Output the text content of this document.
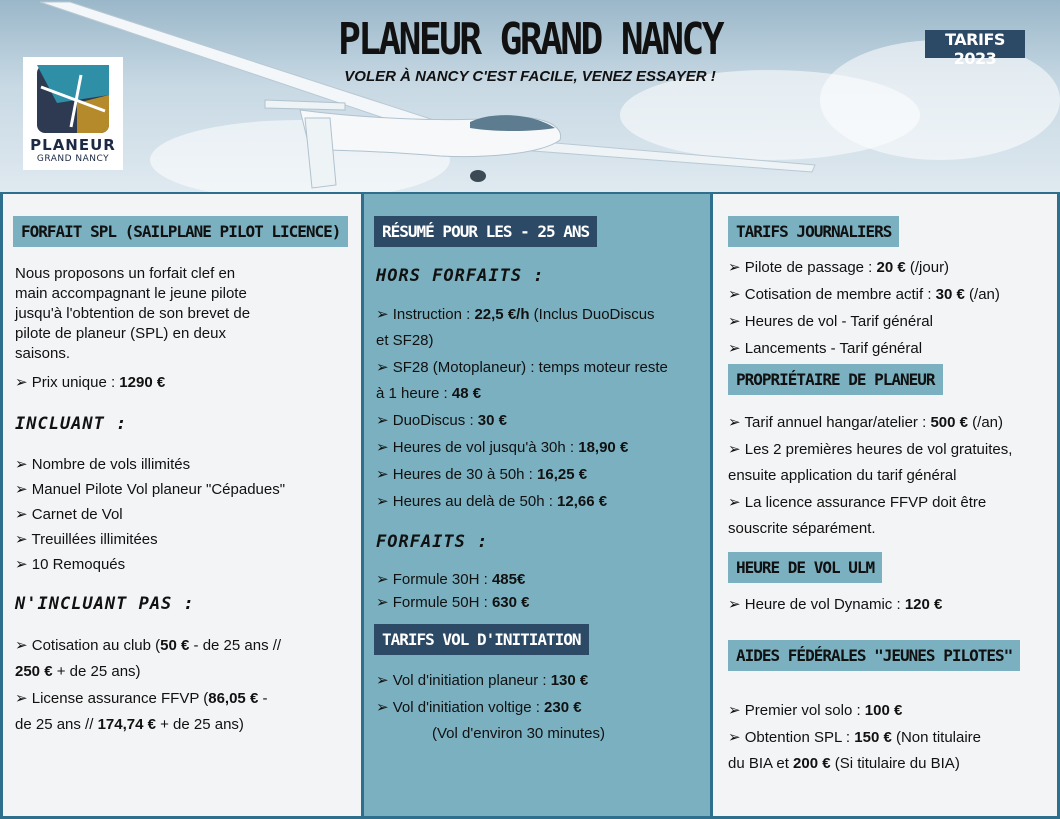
PLANEUR
GRAND NANCY
PLANEUR GRAND NANCY
VOLER À NANCY C'EST FACILE, VENEZ ESSAYER !
TARIFS 2023
FORFAIT SPL (SAILPLANE PILOT LICENCE)
Nous proposons un forfait clef en
main accompagnant le jeune pilote
jusqu'à l'obtention de son brevet de
pilote de planeur (SPL) en deux
saisons.
➢ Prix unique : 1290 €
INCLUANT :
➢ Nombre de vols illimités
➢ Manuel Pilote Vol planeur "Cépadues"
➢ Carnet de Vol
➢ Treuillées illimitées
➢ 10 Remoqués
N'INCLUANT PAS :
➢ Cotisation au club (50 € - de 25 ans //
250 € + de 25 ans)
➢ License assurance FFVP (86,05 € -
de 25 ans // 174,74 € + de 25 ans)
RÉSUMÉ POUR LES - 25 ANS
HORS FORFAITS :
➢ Instruction : 22,5 €/h (Inclus DuoDiscus
et SF28)
➢ SF28 (Motoplaneur) : temps moteur reste
à 1 heure : 48 €
➢ DuoDiscus : 30 €
➢ Heures de vol jusqu'à 30h : 18,90 €
➢ Heures de 30 à 50h : 16,25 €
➢ Heures au delà de 50h : 12,66 €
FORFAITS :
➢ Formule 30H : 485€
➢ Formule 50H : 630 €
TARIFS VOL D'INITIATION
➢ Vol d'initiation planeur : 130 €
➢ Vol d'initiation voltige : 230 €
(Vol d'environ 30 minutes)
TARIFS JOURNALIERS
➢ Pilote de passage : 20 € (/jour)
➢ Cotisation de membre actif : 30 € (/an)
➢ Heures de vol - Tarif général
➢ Lancements - Tarif général
PROPRIÉTAIRE DE PLANEUR
➢ Tarif annuel hangar/atelier : 500 € (/an)
➢ Les 2 premières heures de vol gratuites,
ensuite application du tarif général
➢ La licence assurance FFVP doit être
souscrite séparément.
HEURE DE VOL ULM
➢ Heure de vol Dynamic : 120 €
AIDES FÉDÉRALES "JEUNES PILOTES"
➢ Premier vol solo : 100 €
➢ Obtention SPL : 150 € (Non titulaire
du BIA et 200 € (Si titulaire du BIA)
